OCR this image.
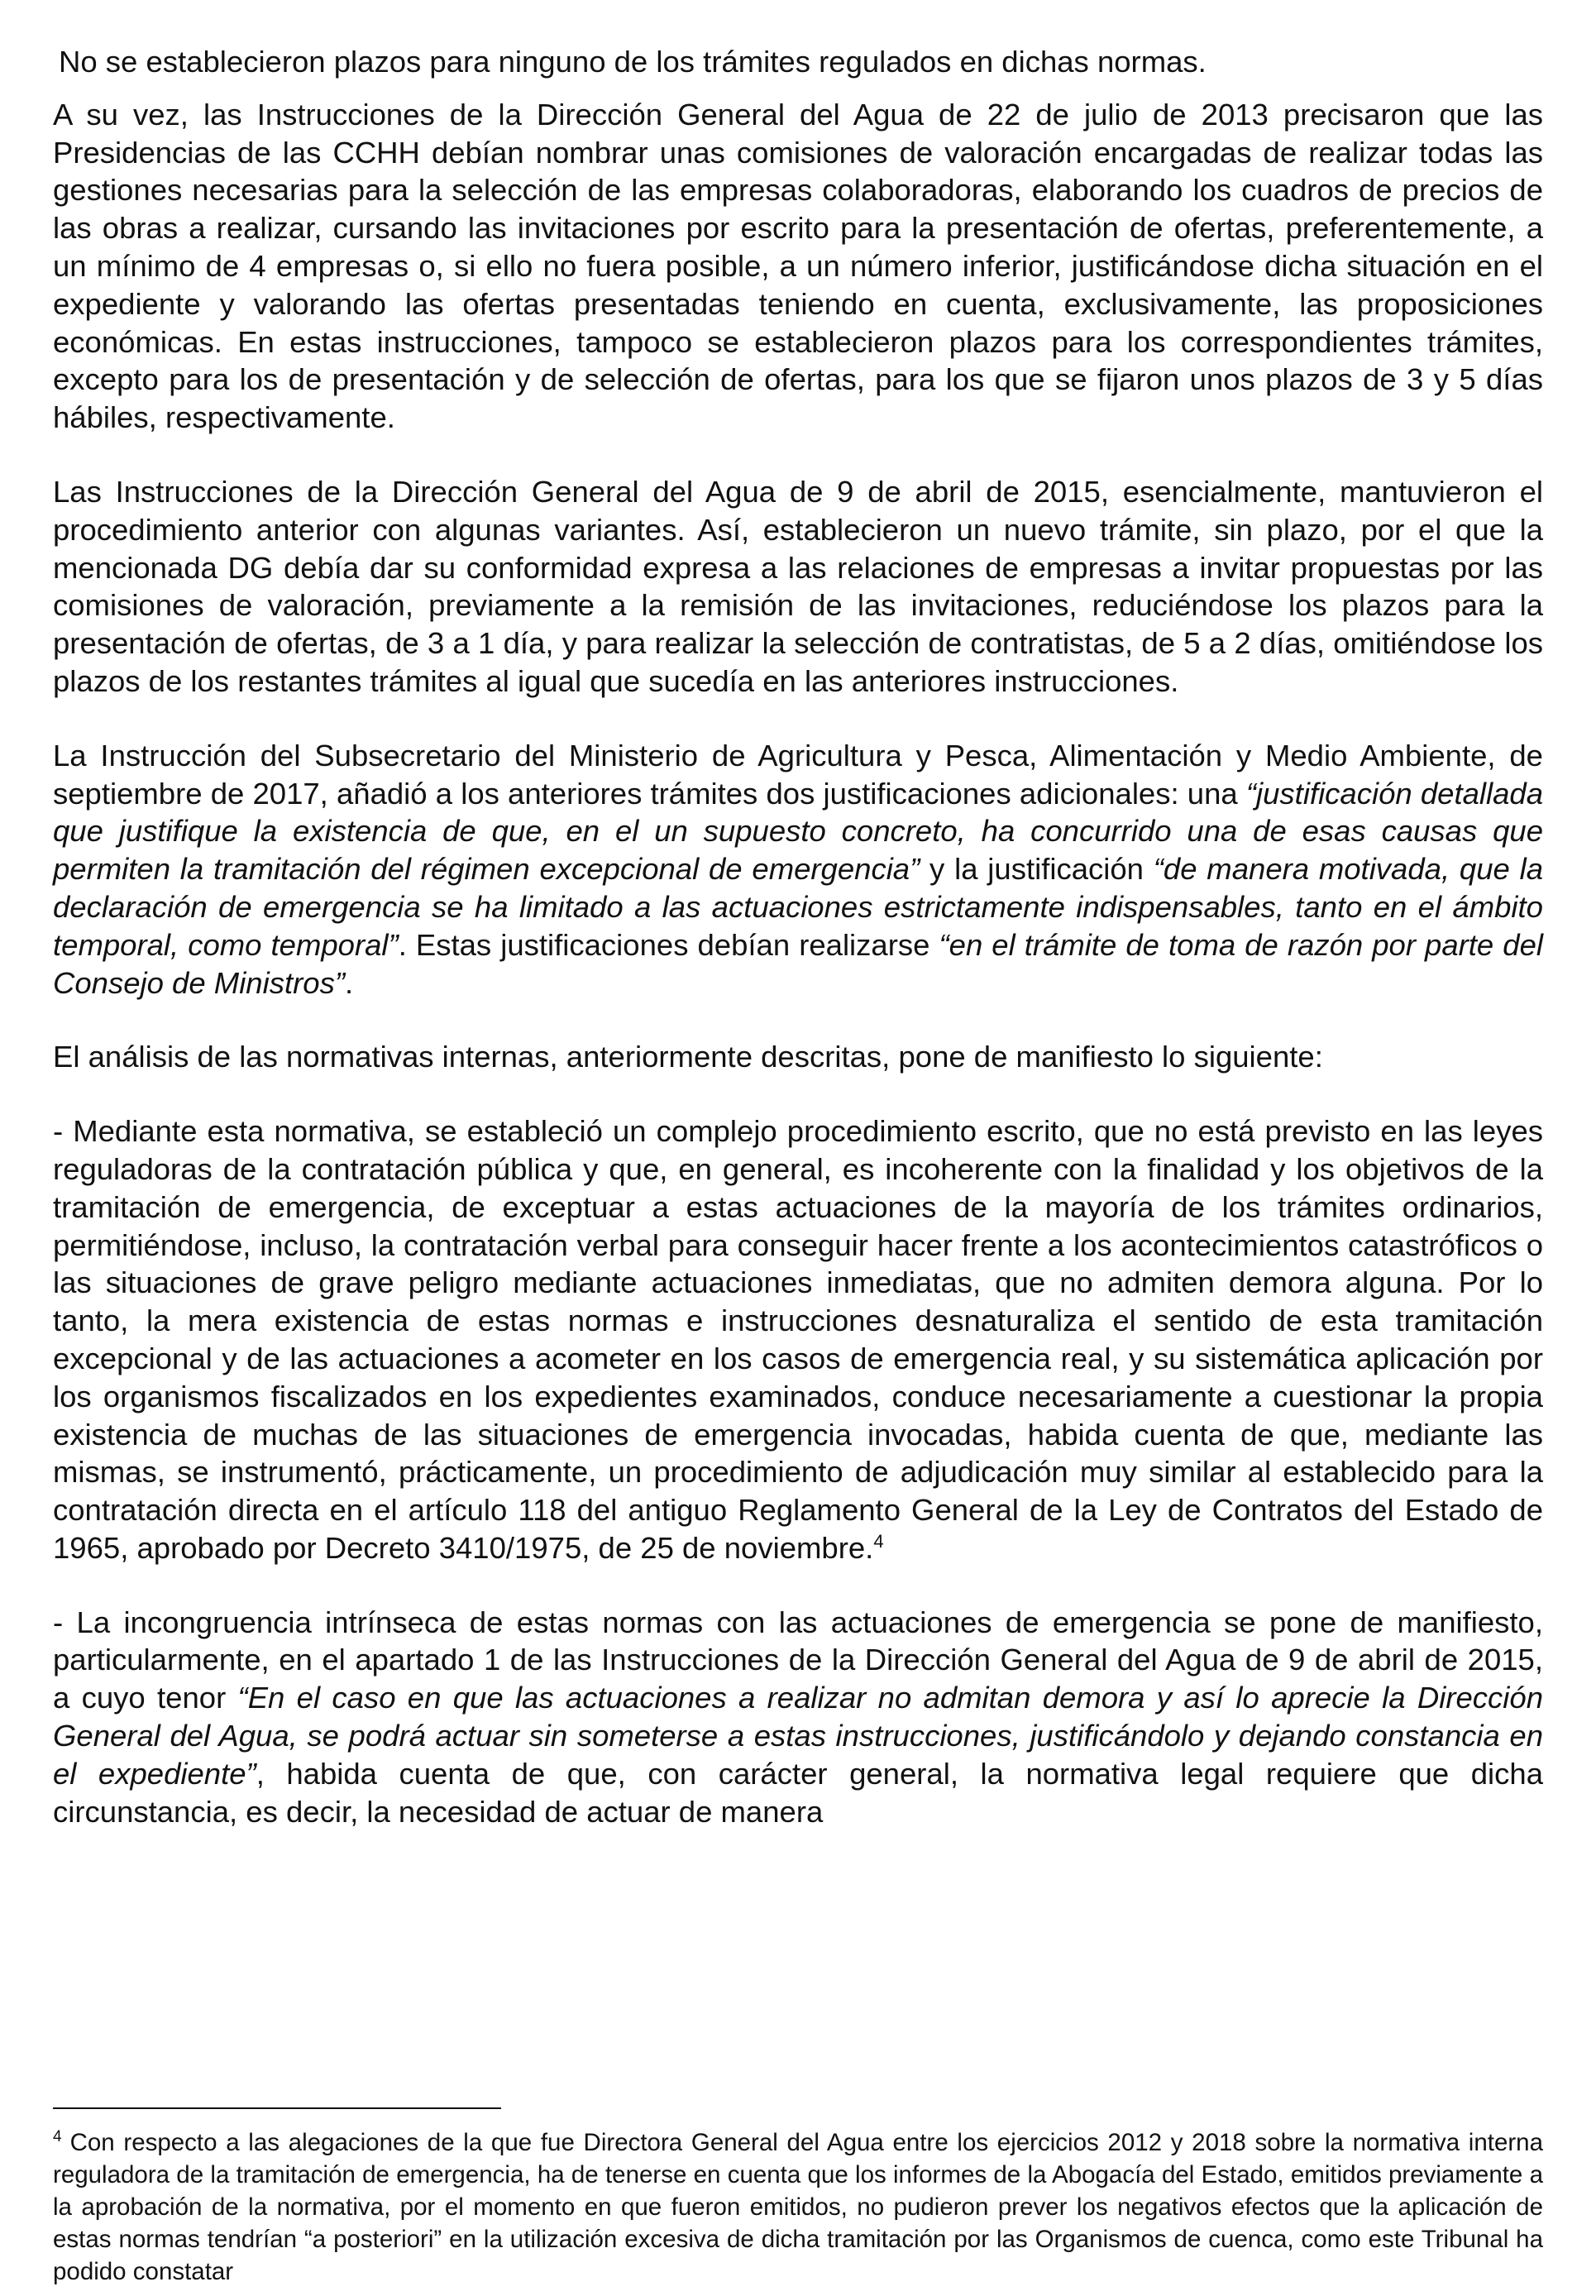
No se establecieron plazos para ninguno de los trámites regulados en dichas normas.

A su vez, las Instrucciones de la Dirección General del Agua de 22 de julio de 2013 precisaron que las Presidencias de las CCHH debían nombrar unas comisiones de valoración encargadas de realizar todas las gestiones necesarias para la selección de las empresas colaboradoras, elaborando los cuadros de precios de las obras a realizar, cursando las invitaciones por escrito para la presentación de ofertas, preferentemente, a un mínimo de 4 empresas o, si ello no fuera posible, a un número inferior, justificándose dicha situación en el expediente y valorando las ofertas presentadas teniendo en cuenta, exclusivamente, las proposiciones económicas. En estas instrucciones, tampoco se establecieron plazos para los correspondientes trámites, excepto para los de presentación y de selección de ofertas, para los que se fijaron unos plazos de 3 y 5 días hábiles, respectivamente.

Las Instrucciones de la Dirección General del Agua de 9 de abril de 2015, esencialmente, mantuvieron el procedimiento anterior con algunas variantes. Así, establecieron un nuevo trámite, sin plazo, por el que la mencionada DG debía dar su conformidad expresa a las relaciones de empresas a invitar propuestas por las comisiones de valoración, previamente a la remisión de las invitaciones, reduciéndose los plazos para la presentación de ofertas, de 3 a 1 día, y para realizar la selección de contratistas, de 5 a 2 días, omitiéndose los plazos de los restantes trámites al igual que sucedía en las anteriores instrucciones.

La Instrucción del Subsecretario del Ministerio de Agricultura y Pesca, Alimentación y Medio Ambiente, de septiembre de 2017, añadió a los anteriores trámites dos justificaciones adicionales: una “justificación detallada que justifique la existencia de que, en el un supuesto concreto, ha concurrido una de esas causas que permiten la tramitación del régimen excepcional de emergencia” y la justificación “de manera motivada, que la declaración de emergencia se ha limitado a las actuaciones estrictamente indispensables, tanto en el ámbito temporal, como temporal”. Estas justificaciones debían realizarse “en el trámite de toma de razón por parte del Consejo de Ministros”.

El análisis de las normativas internas, anteriormente descritas, pone de manifiesto lo siguiente:

- Mediante esta normativa, se estableció un complejo procedimiento escrito, que no está previsto en las leyes reguladoras de la contratación pública y que, en general, es incoherente con la finalidad y los objetivos de la tramitación de emergencia, de exceptuar a estas actuaciones de la mayoría de los trámites ordinarios, permitiéndose, incluso, la contratación verbal para conseguir hacer frente a los acontecimientos catastróficos o las situaciones de grave peligro mediante actuaciones inmediatas, que no admiten demora alguna. Por lo tanto, la mera existencia de estas normas e instrucciones desnaturaliza el sentido de esta tramitación excepcional y de las actuaciones a acometer en los casos de emergencia real, y su sistemática aplicación por los organismos fiscalizados en los expedientes examinados, conduce necesariamente a cuestionar la propia existencia de muchas de las situaciones de emergencia invocadas, habida cuenta de que, mediante las mismas, se instrumentó, prácticamente, un procedimiento de adjudicación muy similar al establecido para la contratación directa en el artículo 118 del antiguo Reglamento General de la Ley de Contratos del Estado de 1965, aprobado por Decreto 3410/1975, de 25 de noviembre.$^4$

- La incongruencia intrínseca de estas normas con las actuaciones de emergencia se pone de manifiesto, particularmente, en el apartado 1 de las Instrucciones de la Dirección General del Agua de 9 de abril de 2015, a cuyo tenor “En el caso en que las actuaciones a realizar no admitan demora y así lo aprecie la Dirección General del Agua, se podrá actuar sin someterse a estas instrucciones, justificándolo y dejando constancia en el expediente”, habida cuenta de que, con carácter general, la normativa legal requiere que dicha circunstancia, es decir, la necesidad de actuar de manera

$^4$ Con respecto a las alegaciones de la que fue Directora General del Agua entre los ejercicios 2012 y 2018 sobre la normativa interna reguladora de la tramitación de emergencia, ha de tenerse en cuenta que los informes de la Abogacía del Estado, emitidos previamente a la aprobación de la normativa, por el momento en que fueron emitidos, no pudieron prever los negativos efectos que la aplicación de estas normas tendrían “a posteriori” en la utilización excesiva de dicha tramitación por las Organismos de cuenca, como este Tribunal ha podido constatar
